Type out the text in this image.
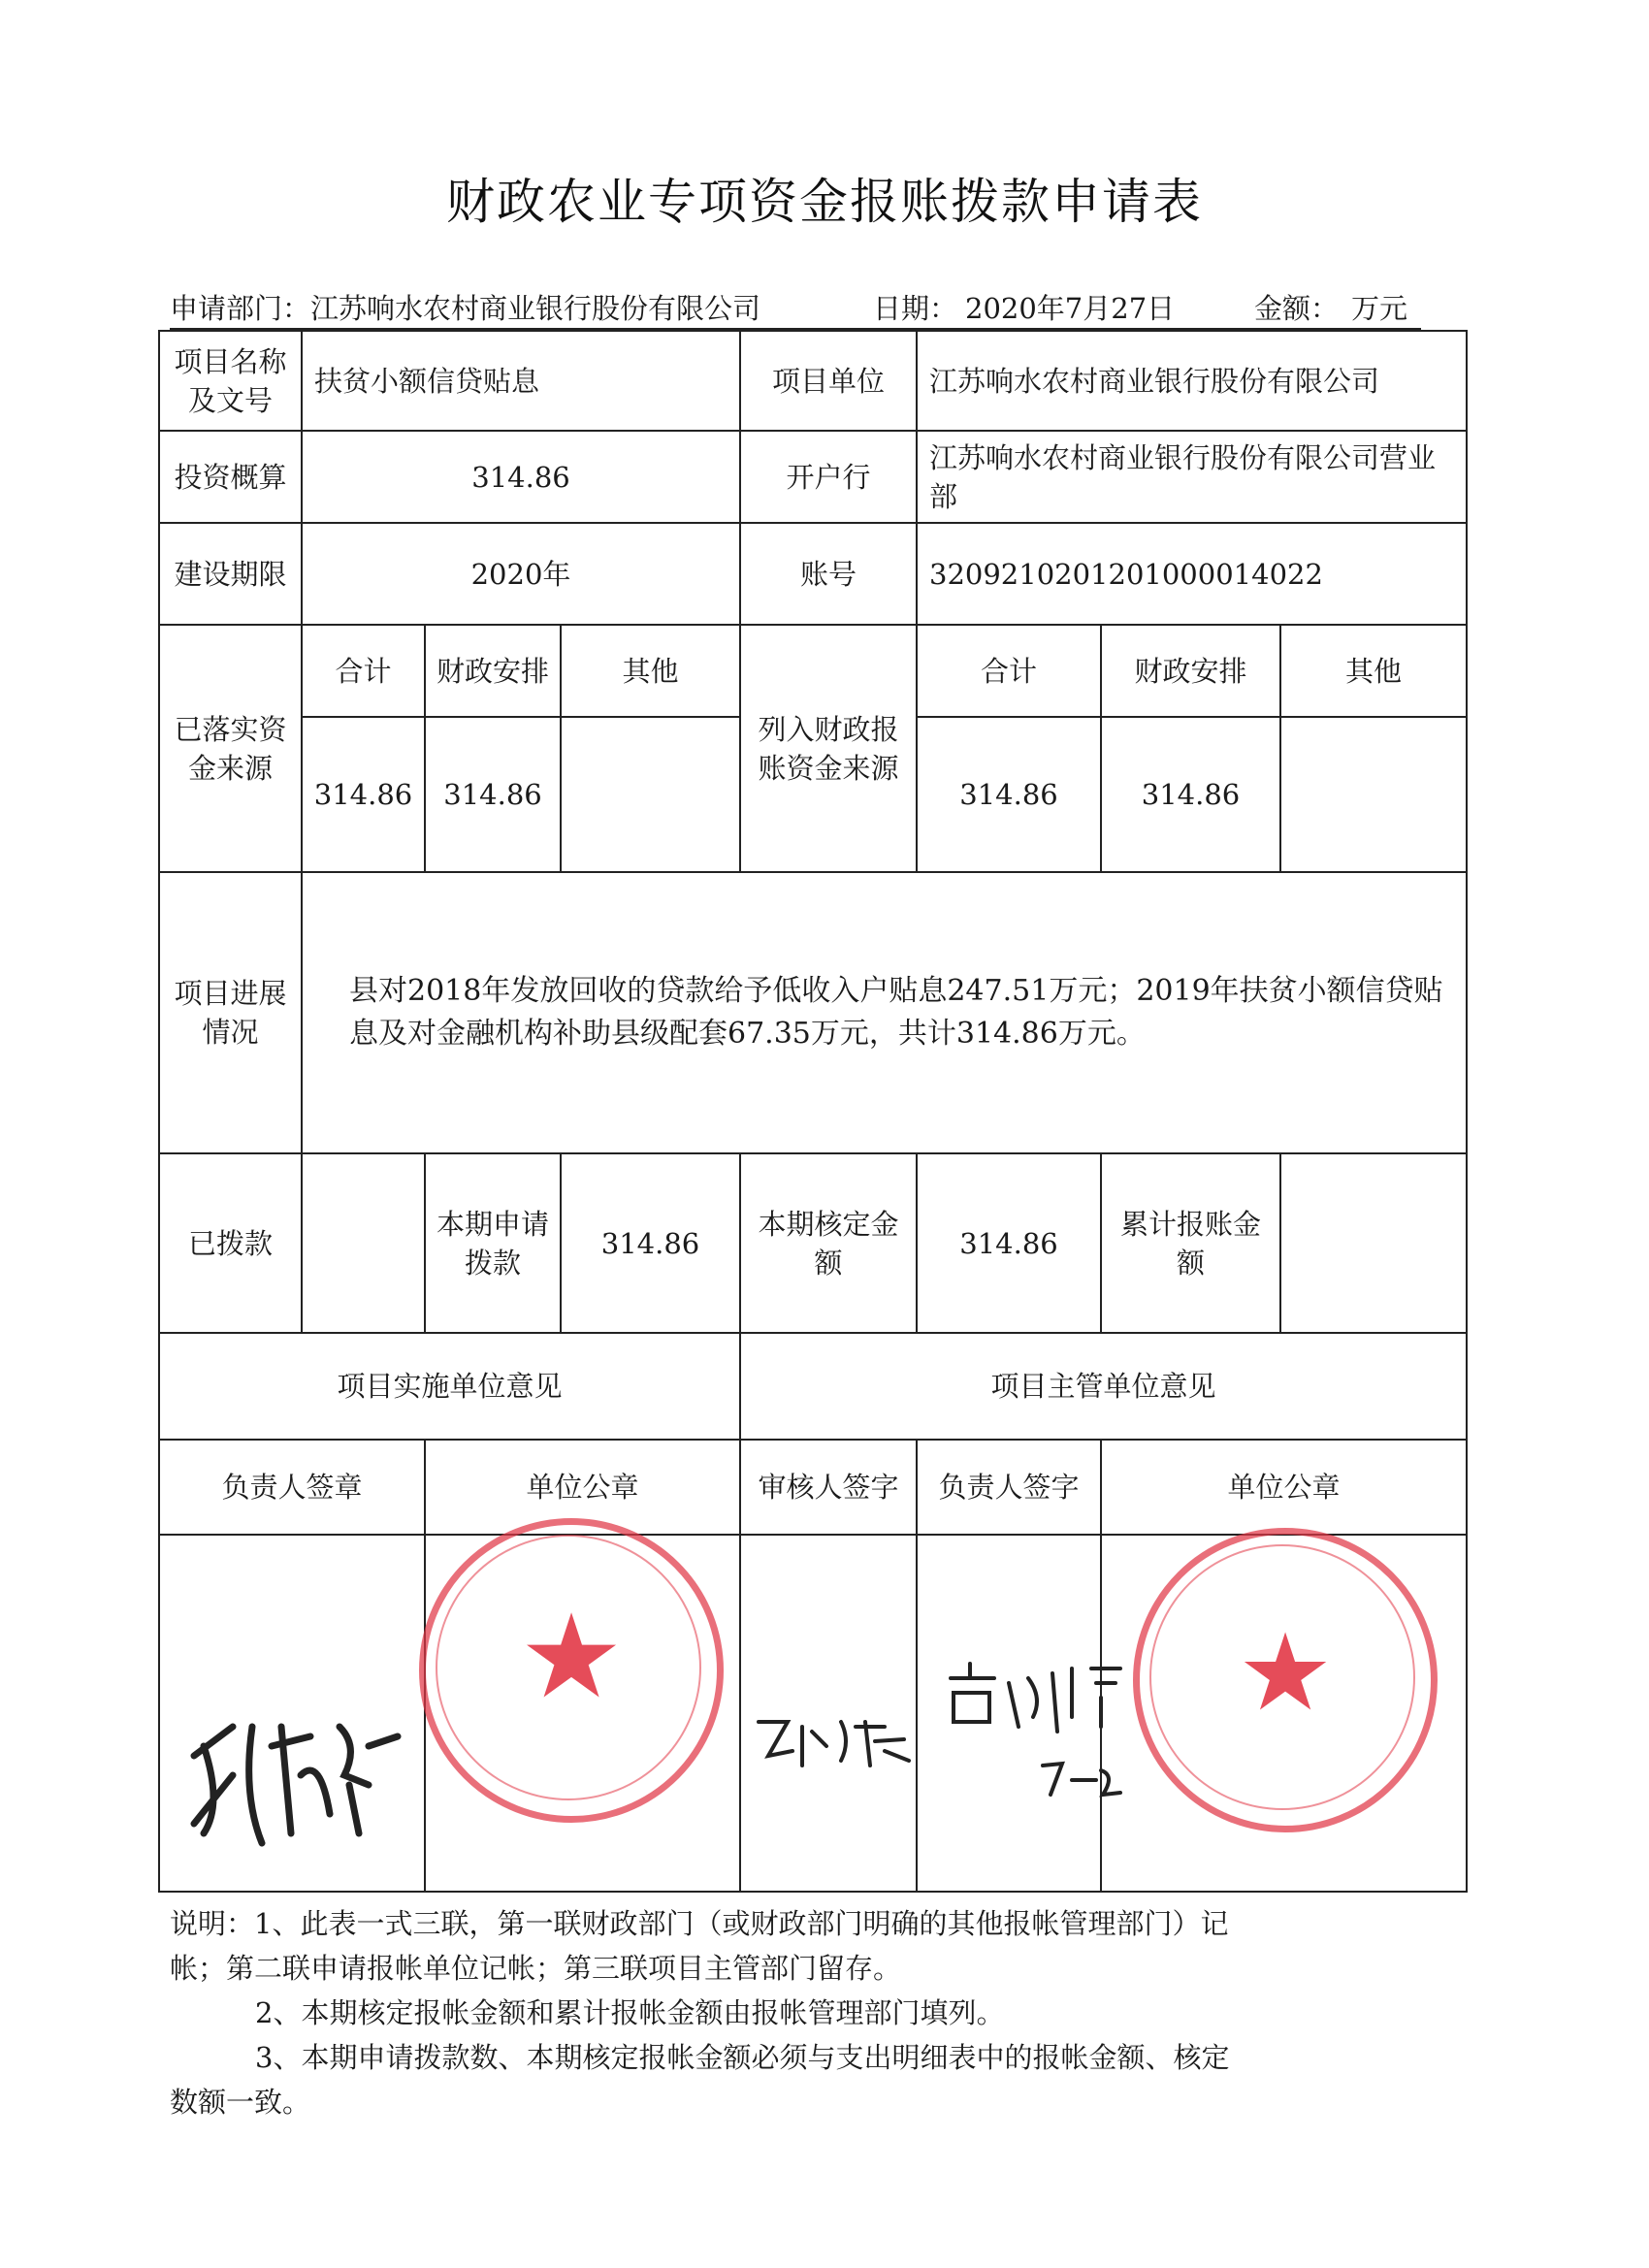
财政农业专项资金报账拨款申请表
申请部门： 江苏响水农村商业银行股份有限公司	日期： 2020年7月27日	金额： 万元
项目名称及文号	扶贫小额信贷贴息			项目单位	江苏响水农村商业银行股份有限公司		
投资概算	314.86			开户行	江苏响水农村商业银行股份有限公司营业部		
建设期限	2020年			账号	320921020120100001402​2		
已落实资金来源	合计	财政安排	其他	列入财政报账资金来源	合计	财政安排	其他
	314.86	314.86			314.86	314.86	
项目进展情况	县对2018年发放回收的贷款给予低收入户贴息247.51万元；2019年扶贫小额信贷贴息及对金融机构补助县级配套67.35万元，共计314.86万元。						
已拨款		本期申请拨款	314.86	本期核定金额	314.86	累计报账金额	
项目实施单位意见				项目主管单位意见			
负责人签章		单位公章		审核人签字	负责人签字	单位公章	

★	★

说明：1、此表一式三联，第一联财政部门（或财政部门明确的其他报帐管理部门）记

帐；第二联申请报帐单位记帐；第三联项目主管部门留存。

2、本期核定报帐金额和累计报帐金额由报帐管理部门填列。

3、本期申请拨款数、本期核定报帐金额必须与支出明细表中的报帐金额、核定

数额一致。
